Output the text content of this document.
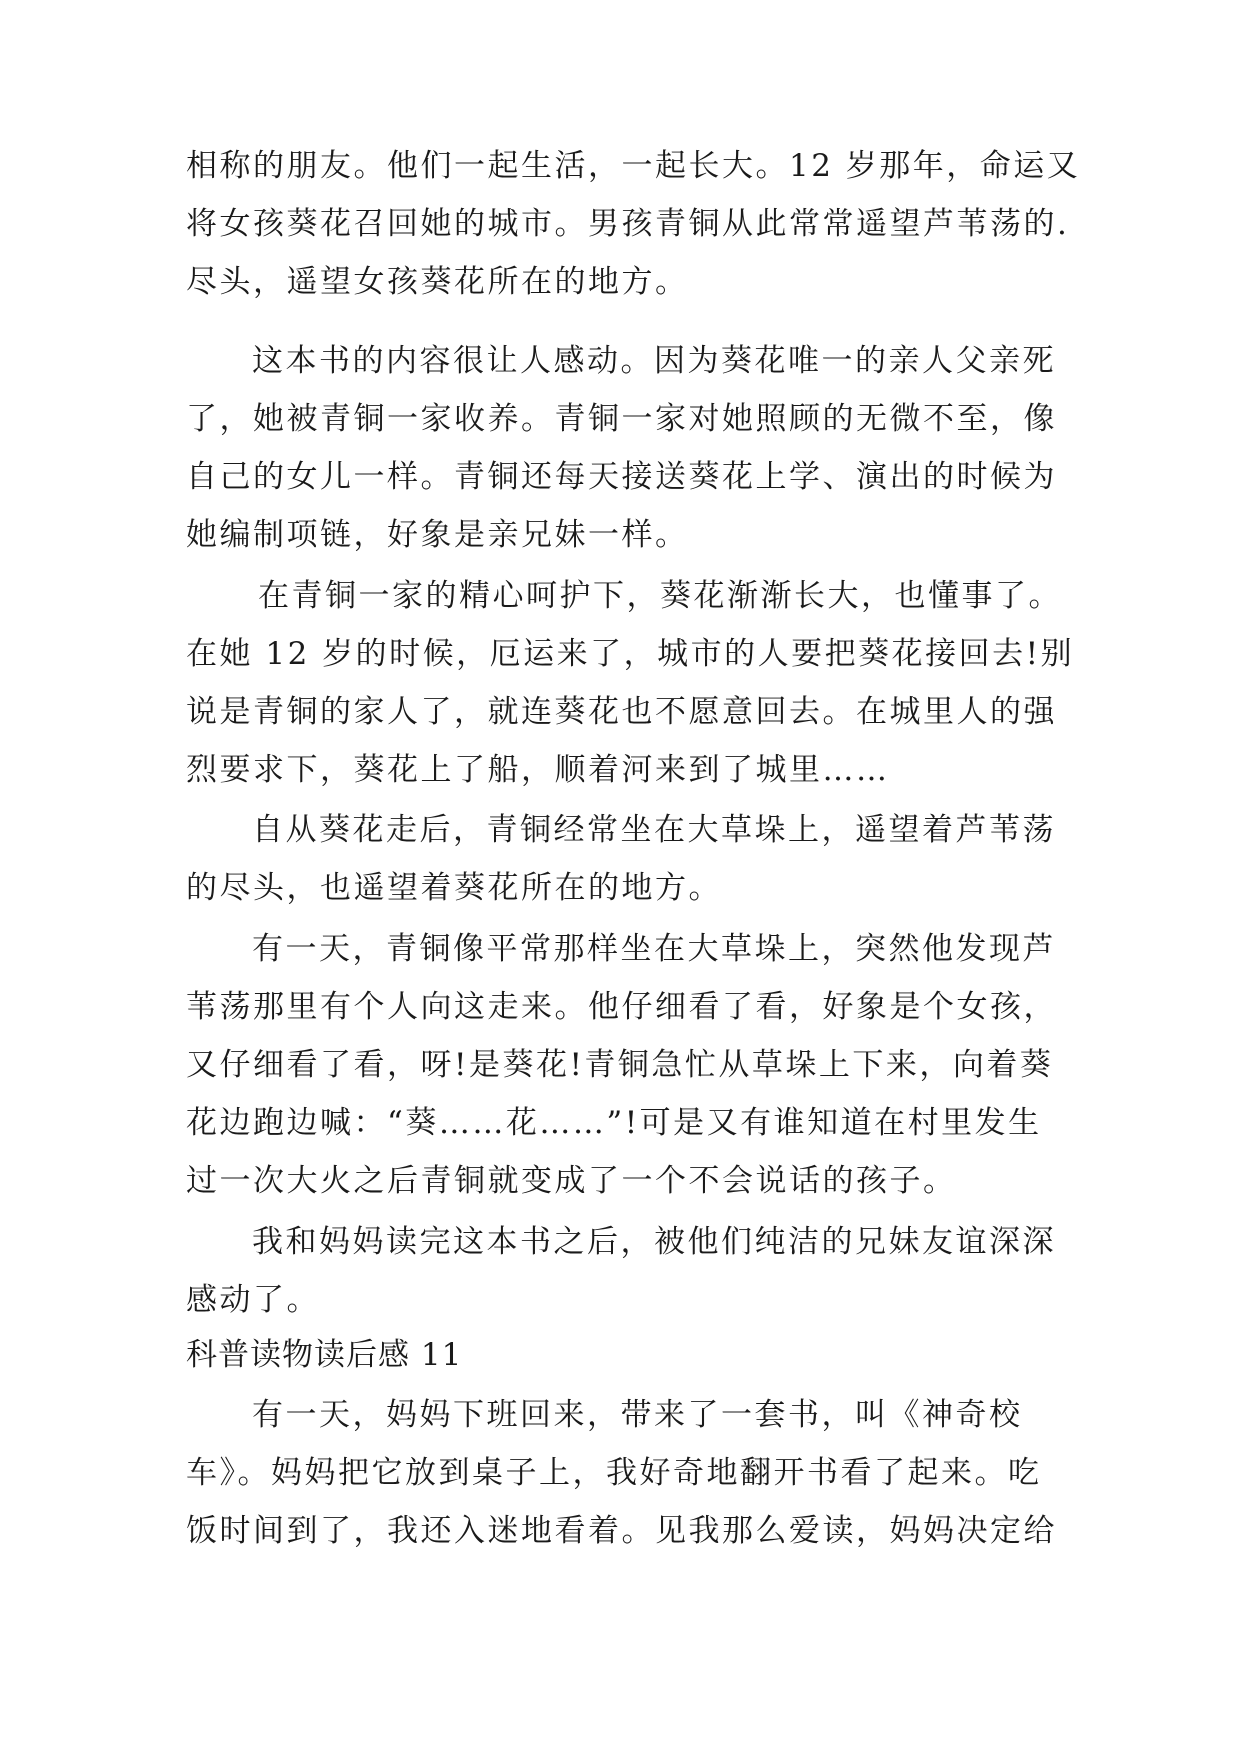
相称的朋友。他们一起生活，一起长大。12 岁那年，命运又
将女孩葵花召回她的城市。男孩青铜从此常常遥望芦苇荡的.
尽头，遥望女孩葵花所在的地方。
这本书的内容很让人感动。因为葵花唯一的亲人父亲死
了，她被青铜一家收养。青铜一家对她照顾的无微不至，像
自己的女儿一样。青铜还每天接送葵花上学、演出的时候为
她编制项链，好象是亲兄妹一样。
在青铜一家的精心呵护下，葵花渐渐长大，也懂事了。
在她 12 岁的时候，厄运来了，城市的人要把葵花接回去!别
说是青铜的家人了，就连葵花也不愿意回去。在城里人的强
烈要求下，葵花上了船，顺着河来到了城里……
自从葵花走后，青铜经常坐在大草垛上，遥望着芦苇荡
的尽头，也遥望着葵花所在的地方。
有一天，青铜像平常那样坐在大草垛上，突然他发现芦
苇荡那里有个人向这走来。他仔细看了看，好象是个女孩，
又仔细看了看，呀!是葵花!青铜急忙从草垛上下来，向着葵
花边跑边喊：“葵……花……”!可是又有谁知道在村里发生
过一次大火之后青铜就变成了一个不会说话的孩子。
我和妈妈读完这本书之后，被他们纯洁的兄妹友谊深深
感动了。
科普读物读后感 11
有一天，妈妈下班回来，带来了一套书，叫《神奇校
车》。妈妈把它放到桌子上，我好奇地翻开书看了起来。吃
饭时间到了，我还入迷地看着。见我那么爱读，妈妈决定给
